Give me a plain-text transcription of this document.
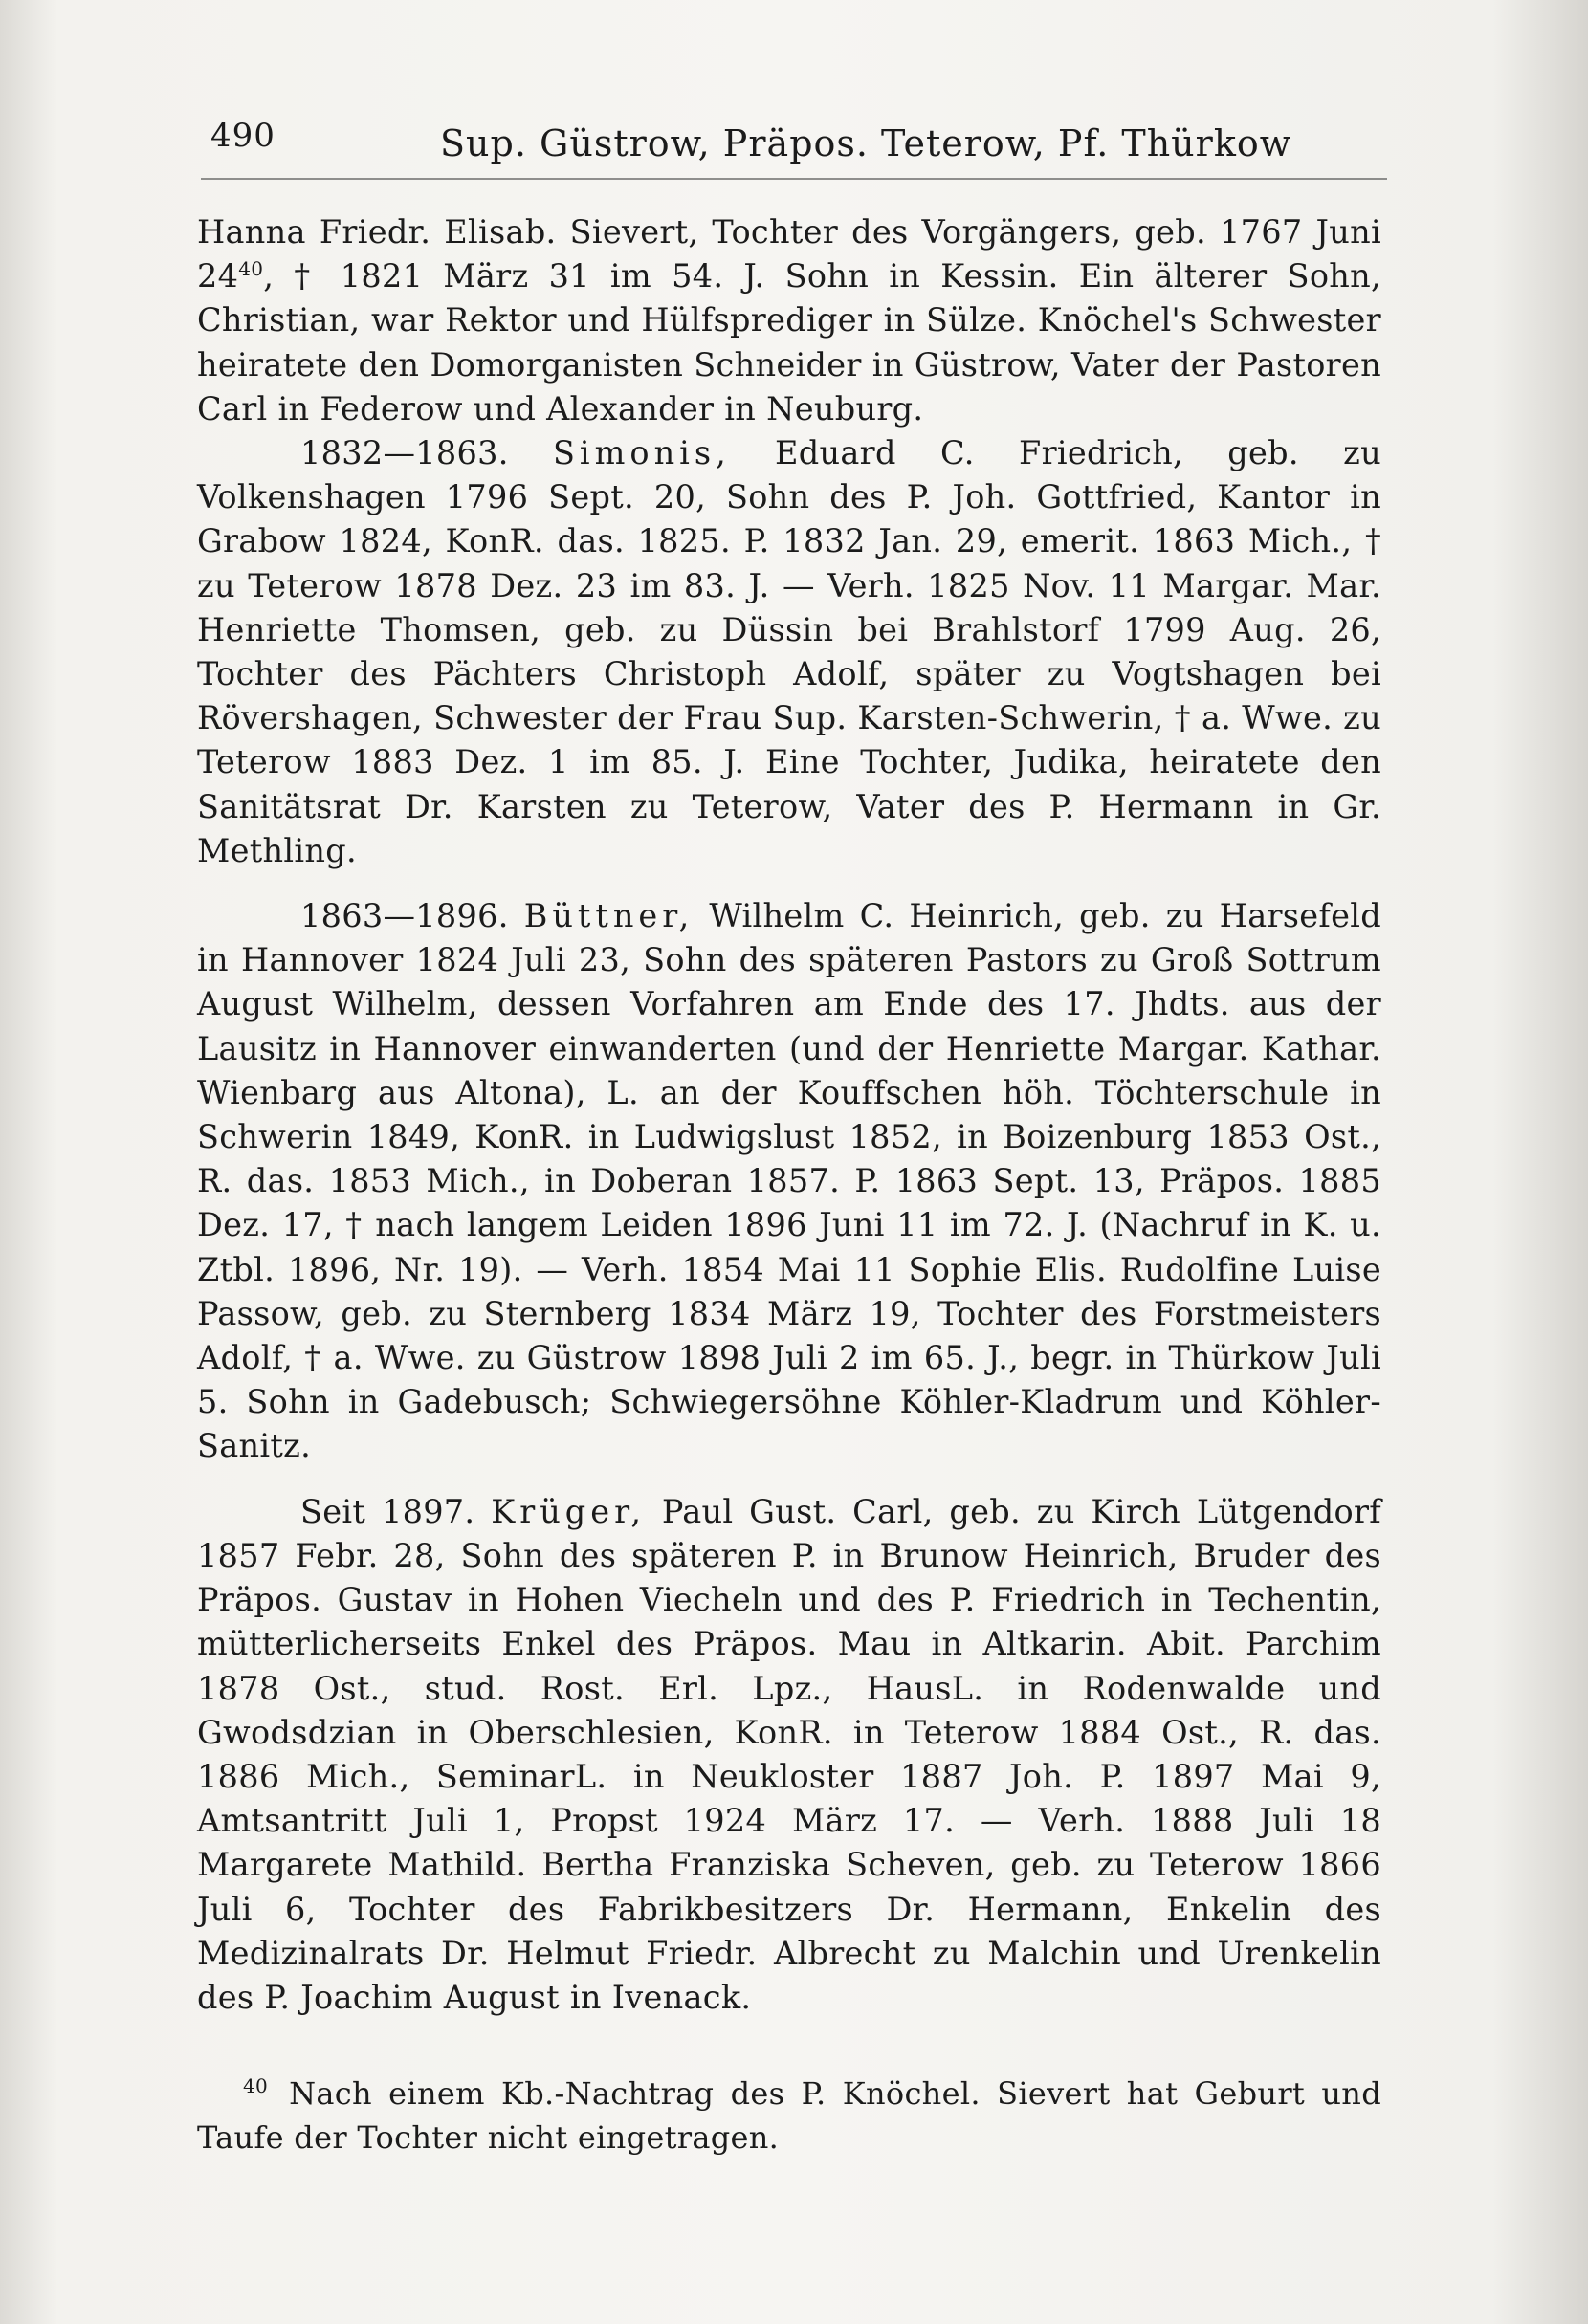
490	Sup. Güstrow, Präpos. Teterow, Pf. Thürkow

Hanna Friedr. Elisab. Sievert, Tochter des Vorgängers, geb. 1767 Juni $24^{40}$, † 1821 März 31 im 54. J. Sohn in Kessin. Ein älterer Sohn, Christian, war Rektor und Hülfsprediger in Sülze. Knöchel's Schwester heiratete den Domorganisten Schneider in Güstrow, Vater der Pastoren Carl in Federow und Alexander in Neuburg.

1832—1863. Simonis, Eduard C. Friedrich, geb. zu Volkenshagen 1796 Sept. 20, Sohn des P. Joh. Gottfried, Kantor in Grabow 1824, KonR. das. 1825. P. 1832 Jan. 29, emerit. 1863 Mich., † zu Teterow 1878 Dez. 23 im 83. J. — Verh. 1825 Nov. 11 Margar. Mar. Henriette Thomsen, geb. zu Düssin bei Brahlstorf 1799 Aug. 26, Tochter des Pächters Christoph Adolf, später zu Vogtshagen bei Rövershagen, Schwester der Frau Sup. Karsten-Schwerin, † a. Wwe. zu Teterow 1883 Dez. 1 im 85. J. Eine Tochter, Judika, heiratete den Sanitätsrat Dr. Karsten zu Teterow, Vater des P. Hermann in Gr. Methling.

1863—1896. Büttner, Wilhelm C. Heinrich, geb. zu Harsefeld in Hannover 1824 Juli 23, Sohn des späteren Pastors zu Groß Sottrum August Wilhelm, dessen Vorfahren am Ende des 17. Jhdts. aus der Lausitz in Hannover einwanderten (und der Henriette Margar. Kathar. Wienbarg aus Altona), L. an der Kouffschen höh. Töchterschule in Schwerin 1849, KonR. in Ludwigslust 1852, in Boizenburg 1853 Ost., R. das. 1853 Mich., in Doberan 1857. P. 1863 Sept. 13, Präpos. 1885 Dez. 17, † nach langem Leiden 1896 Juni 11 im 72. J. (Nachruf in K. u. Ztbl. 1896, Nr. 19). — Verh. 1854 Mai 11 Sophie Elis. Rudolfine Luise Passow, geb. zu Sternberg 1834 März 19, Tochter des Forstmeisters Adolf, † a. Wwe. zu Güstrow 1898 Juli 2 im 65. J., begr. in Thürkow Juli 5. Sohn in Gadebusch; Schwiegersöhne Köhler-Kladrum und Köhler-Sanitz.

Seit 1897. Krüger, Paul Gust. Carl, geb. zu Kirch Lütgendorf 1857 Febr. 28, Sohn des späteren P. in Brunow Heinrich, Bruder des Präpos. Gustav in Hohen Viecheln und des P. Friedrich in Techentin, mütterlicherseits Enkel des Präpos. Mau in Altkarin. Abit. Parchim 1878 Ost., stud. Rost. Erl. Lpz., HausL. in Rodenwalde und Gwodsdzian in Oberschlesien, KonR. in Teterow 1884 Ost., R. das. 1886 Mich., SeminarL. in Neukloster 1887 Joh. P. 1897 Mai 9, Amtsantritt Juli 1, Propst 1924 März 17. — Verh. 1888 Juli 18 Margarete Mathild. Bertha Franziska Scheven, geb. zu Teterow 1866 Juli 6, Tochter des Fabrikbesitzers Dr. Hermann, Enkelin des Medizinalrats Dr. Helmut Friedr. Albrecht zu Malchin und Urenkelin des P. Joachim August in Ivenack.

$^{40}$ Nach einem Kb.-Nachtrag des P. Knöchel. Sievert hat Geburt und Taufe der Tochter nicht eingetragen.
